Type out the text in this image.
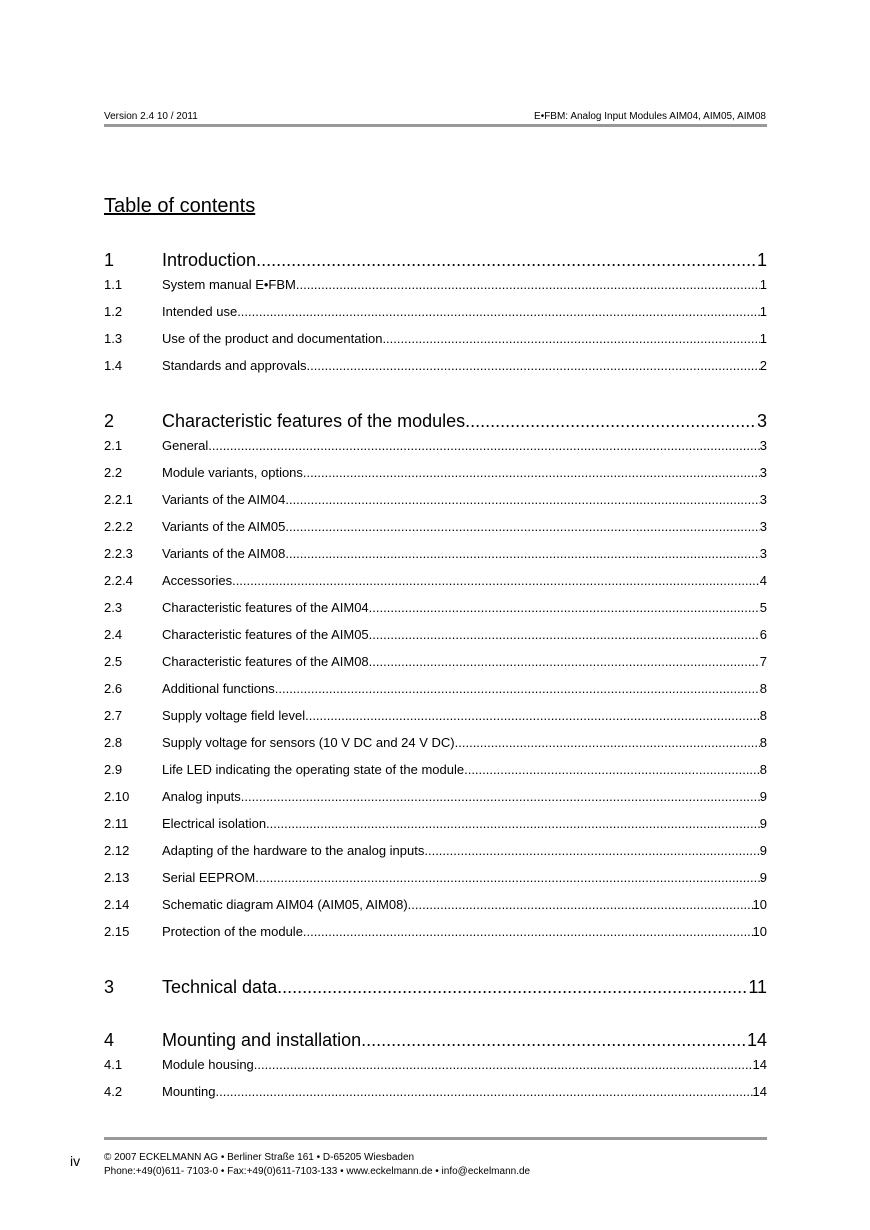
Version 2.4 10 / 2011	E•FBM: Analog Input Modules AIM04, AIM05, AIM08
Table of contents
1	Introduction .....	1
1.1	System manual E•FBM .....	1
1.2	Intended use .....	1
1.3	Use of the product and documentation .....	1
1.4	Standards and approvals .....	2
2	Characteristic features of the modules .....	3
2.1	General .....	3
2.2	Module variants, options .....	3
2.2.1	Variants of the AIM04 .....	3
2.2.2	Variants of the AIM05 .....	3
2.2.3	Variants of the AIM08 .....	3
2.2.4	Accessories .....	4
2.3	Characteristic features of the AIM04 .....	5
2.4	Characteristic features of the AIM05 .....	6
2.5	Characteristic features of the AIM08 .....	7
2.6	Additional functions .....	8
2.7	Supply voltage field level .....	8
2.8	Supply voltage for sensors (10 V DC and 24 V DC) .....	8
2.9	Life LED indicating the operating state of the module .....	8
2.10	Analog inputs .....	9
2.11	Electrical isolation .....	9
2.12	Adapting of the hardware to the analog inputs .....	9
2.13	Serial EEPROM .....	9
2.14	Schematic diagram AIM04 (AIM05, AIM08) .....	10
2.15	Protection of the module .....	10
3	Technical data .....	11
4	Mounting and installation .....	14
4.1	Module housing .....	14
4.2	Mounting .....	14
iv © 2007 ECKELMANN AG • Berliner Straße 161 • D-65205 Wiesbaden
Phone:+49(0)611- 7103-0 • Fax:+49(0)611-7103-133 • www.eckelmann.de • info@eckelmann.de
